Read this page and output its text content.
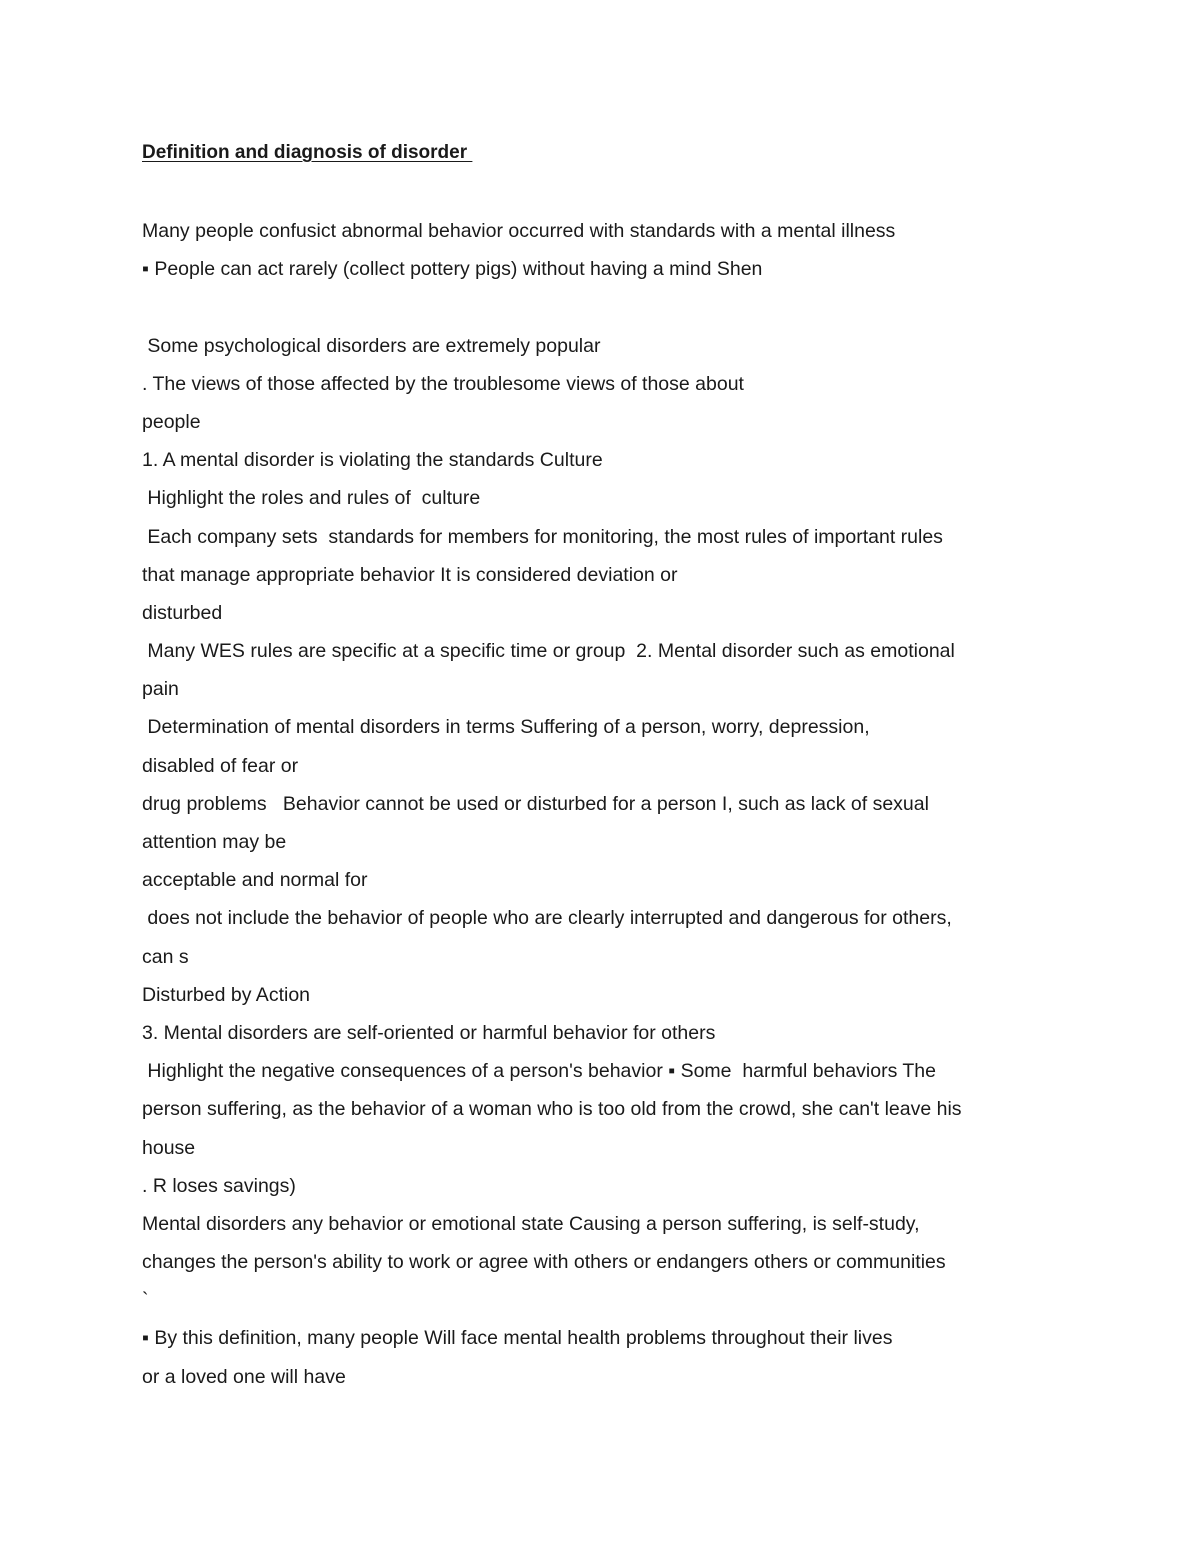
Definition and diagnosis of disorder
Many people confusict abnormal behavior occurred with standards with a mental illness
▪ People can act rarely (collect pottery pigs) without having a mind Shen
Some psychological disorders are extremely popular
. The views of those affected by the troublesome views of those about
people
1. A mental disorder is violating the standards Culture
Highlight the roles and rules of  culture
Each company sets  standards for members for monitoring, the most rules of important rules
that manage appropriate behavior It is considered deviation or
disturbed
Many WES rules are specific at a specific time or group  2. Mental disorder such as emotional
pain
Determination of mental disorders in terms Suffering of a person, worry, depression,
disabled of fear or
drug problems   Behavior cannot be used or disturbed for a person I, such as lack of sexual
attention may be
acceptable and normal for
does not include the behavior of people who are clearly interrupted and dangerous for others,
can s
Disturbed by Action
3. Mental disorders are self-oriented or harmful behavior for others
Highlight the negative consequences of a person's behavior ▪ Some  harmful behaviors The
person suffering, as the behavior of a woman who is too old from the crowd, she can't leave his
house
. R loses savings)
Mental disorders any behavior or emotional state Causing a person suffering, is self-study,
changes the person's ability to work or agree with others or endangers others or communities
`
▪ By this definition, many people Will face mental health problems throughout their lives
or a loved one will have
